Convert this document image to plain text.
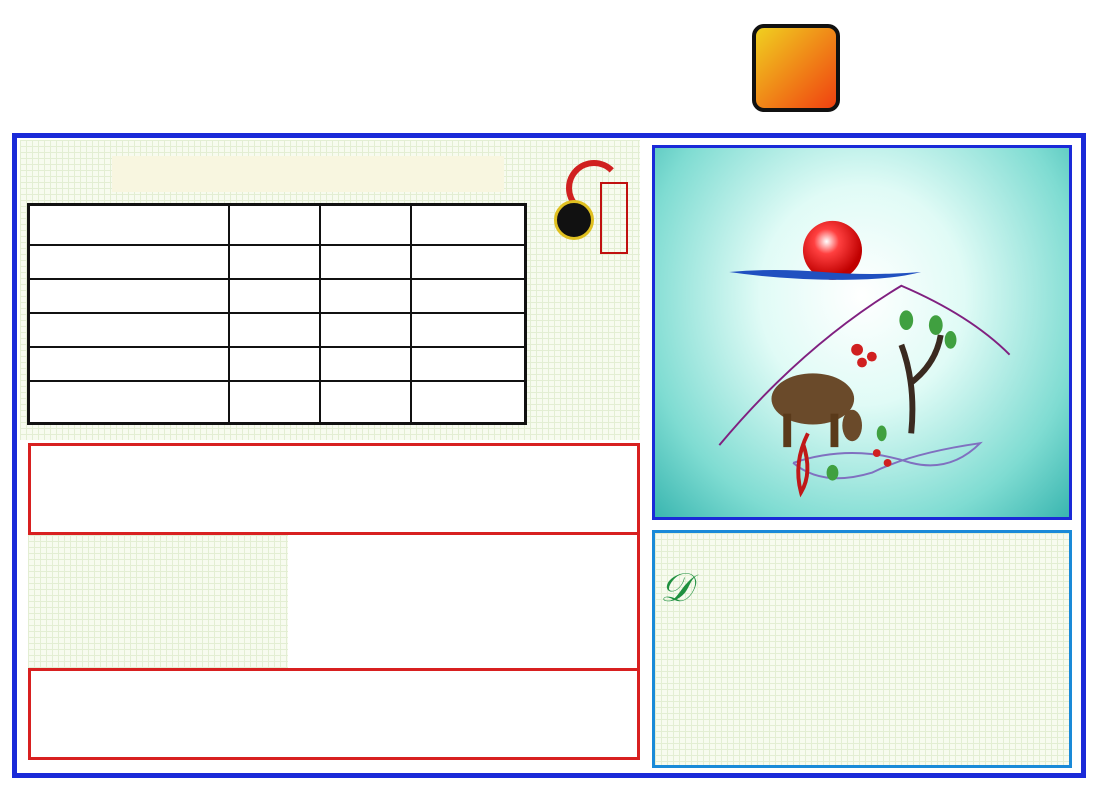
𝒟
